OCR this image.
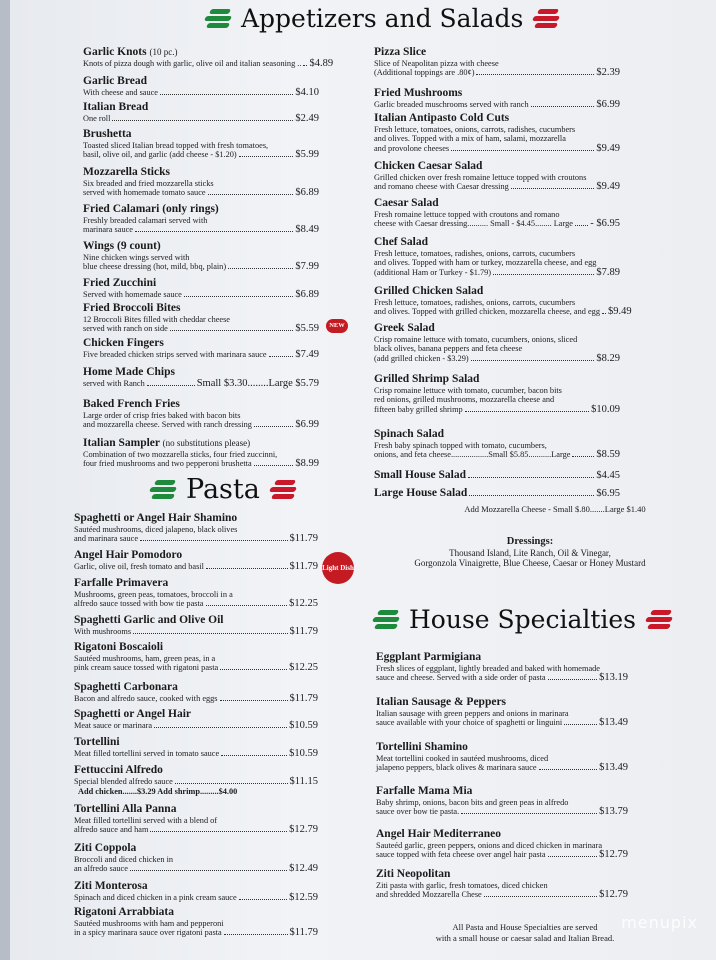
Appetizers and Salads
Pasta
House Specialties
Garlic Knots (10 pc.)
Knots of pizza dough with garlic, olive oil and italian seasoning .. $4.89
Garlic Bread
With cheese and sauce	$4.10
Italian Bread
One roll	$2.49
Brushetta
Toasted sliced Italian bread topped with fresh tomatoes,
basil, olive oil, and garlic (add cheese - $1.20)	$5.99
Mozzarella Sticks
Six breaded and fried mozzarella sticks
served with homemade tomato sauce	$6.89
Fried Calamari (only rings)
Freshly breaded calamari served with
marinara sauce	$8.49
Wings (9 count)
Nine chicken wings served with
blue cheese dressing (hot, mild, bbq, plain)	$7.99
Fried Zucchini
Served with homemade sauce	$6.89
Fried Broccoli Bites
12 Broccoli Bites filled with cheddar cheese
served with ranch on side	$5.59
Chicken Fingers
Five breaded chicken strips served with marinara sauce	$7.49
Home Made Chips
served with Ranch	Small $3.30........Large $5.79
Baked French Fries
Large order of crisp fries baked with bacon bits
and mozzarella cheese. Served with ranch dressing	$6.99
Italian Sampler (no substitutions please)
Combination of two mozzarella sticks, four fried zuccinni,
four fried mushrooms and two pepperoni brushetta	$8.99
Pizza Slice
Slice of Neapolitan pizza with cheese
(Additional toppings are .80¢)	$2.39
Fried Mushrooms
Garlic breaded muschrooms served with ranch	$6.99
Italian Antipasto Cold Cuts
Fresh lettuce, tomatoes, onions, carrots, radishes, cucumbers
and olives. Topped with a mix of ham, salami, mozzarella
and provolone cheeses	$9.49
Chicken Caesar Salad
Grilled chicken over fresh romaine lettuce topped with croutons
and romano cheese with Caesar dressing	$9.49
Caesar Salad
Fresh romaine lettuce topped with croutons and romano
cheese with Caesar dressing.......... Small - $4.45........ Large - $6.95
Chef Salad
Fresh lettuce, tomatoes, radishes, onions, carrots, cucumbers
and olives. Topped with ham or turkey, mozzarella cheese, and egg
(additional Ham or Turkey - $1.79)	$7.89
Grilled Chicken Salad
Fresh lettuce, tomatoes, radishes, onions, carrots, cucumbers
and olives. Topped with grilled chicken, mozzarella cheese, and egg $9.49
Greek Salad
Crisp romaine lettuce with tomato, cucumbers, onions, sliced
black olives, banana peppers and feta cheese
(add grilled chicken - $3.29)	$8.29
Grilled Shrimp Salad
Crisp romaine lettuce with tomato, cucumber, bacon bits
red onions, grilled mushrooms, mozzarella cheese and
fifteen baby grilled shrimp	$10.09
Spinach Salad
Fresh baby spinach topped with tomato, cucumbers,
onions, and feta cheese..................Small $5.85...........Large $8.59
Small House Salad	$4.45
Large House Salad	$6.95
Spaghetti or Angel Hair Shamino
Sautéed mushrooms, diced jalapeno, black olives
and marinara sauce	$11.79
Angel Hair Pomodoro
Garlic, olive oil, fresh tomato and basil	$11.79
Farfalle Primavera
Mushrooms, green peas, tomatoes, broccoli in a
alfredo sauce tossed with bow tie pasta	$12.25
Spaghetti Garlic and Olive Oil
With mushrooms	$11.79
Rigatoni Boscaioli
Sautéed mushrooms, ham, green peas, in a
pink cream sauce tossed with rigatoni pasta	$12.25
Spaghetti Carbonara
Bacon and alfredo sauce, cooked with eggs	$11.79
Spaghetti or Angel Hair
Meat sauce or marinara	$10.59
Tortellini
Meat filled tortellini served in tomato sauce	$10.59
Fettuccini Alfredo
Special blended alfredo sauce	$11.15
Add chicken.......$3.29 Add shrimp.........$4.00
Tortellini Alla Panna
Meat filled tortellini served with a blend of
alfredo sauce and ham	$12.79
Ziti Coppola
Broccoli and diced chicken in
an alfredo sauce	$12.49
Ziti Monterosa
Spinach and diced chicken in a pink cream sauce	$12.59
Rigatoni Arrabbiata
Sautéed mushrooms with ham and pepperoni
in a spicy marinara sauce over rigatoni pasta	$11.79
Eggplant Parmigiana
Fresh slices of eggplant, lightly breaded and baked with homemade
sauce and cheese. Served with a side order of pasta	$13.19
Italian Sausage & Peppers
Italian sausage with green peppers and onions in marinara
sauce available with your choice of spaghetti or linguini	$13.49
Tortellini Shamino
Meat tortellini cooked in sautéed mushrooms, diced
jalapeno peppers, black olives & marinara sauce	$13.49
Farfalle Mama Mia
Baby shrimp, onions, bacon bits and green peas in alfredo
sauce over bow tie pasta.	$13.79
Angel Hair Mediterraneo
Sauteéd garlic, green peppers, onions and diced chicken in marinara
sauce topped with feta cheese over angel hair pasta	$12.79
Ziti Neopolitan
Ziti pasta with garlic, fresh tomatoes, diced chicken
and shredded Mozzarella Chese	$12.79
NEW
Light Dish
Add Mozzarella Cheese - Small $.80.......Large $1.40
Dressings:
Thousand Island, Lite Ranch, Oil & Vinegar,
Gorgonzola Vinaigrette, Blue Cheese, Caesar or Honey Mustard
All Pasta and House Specialties are served
with a small house or caesar salad and Italian Bread.
menupix
